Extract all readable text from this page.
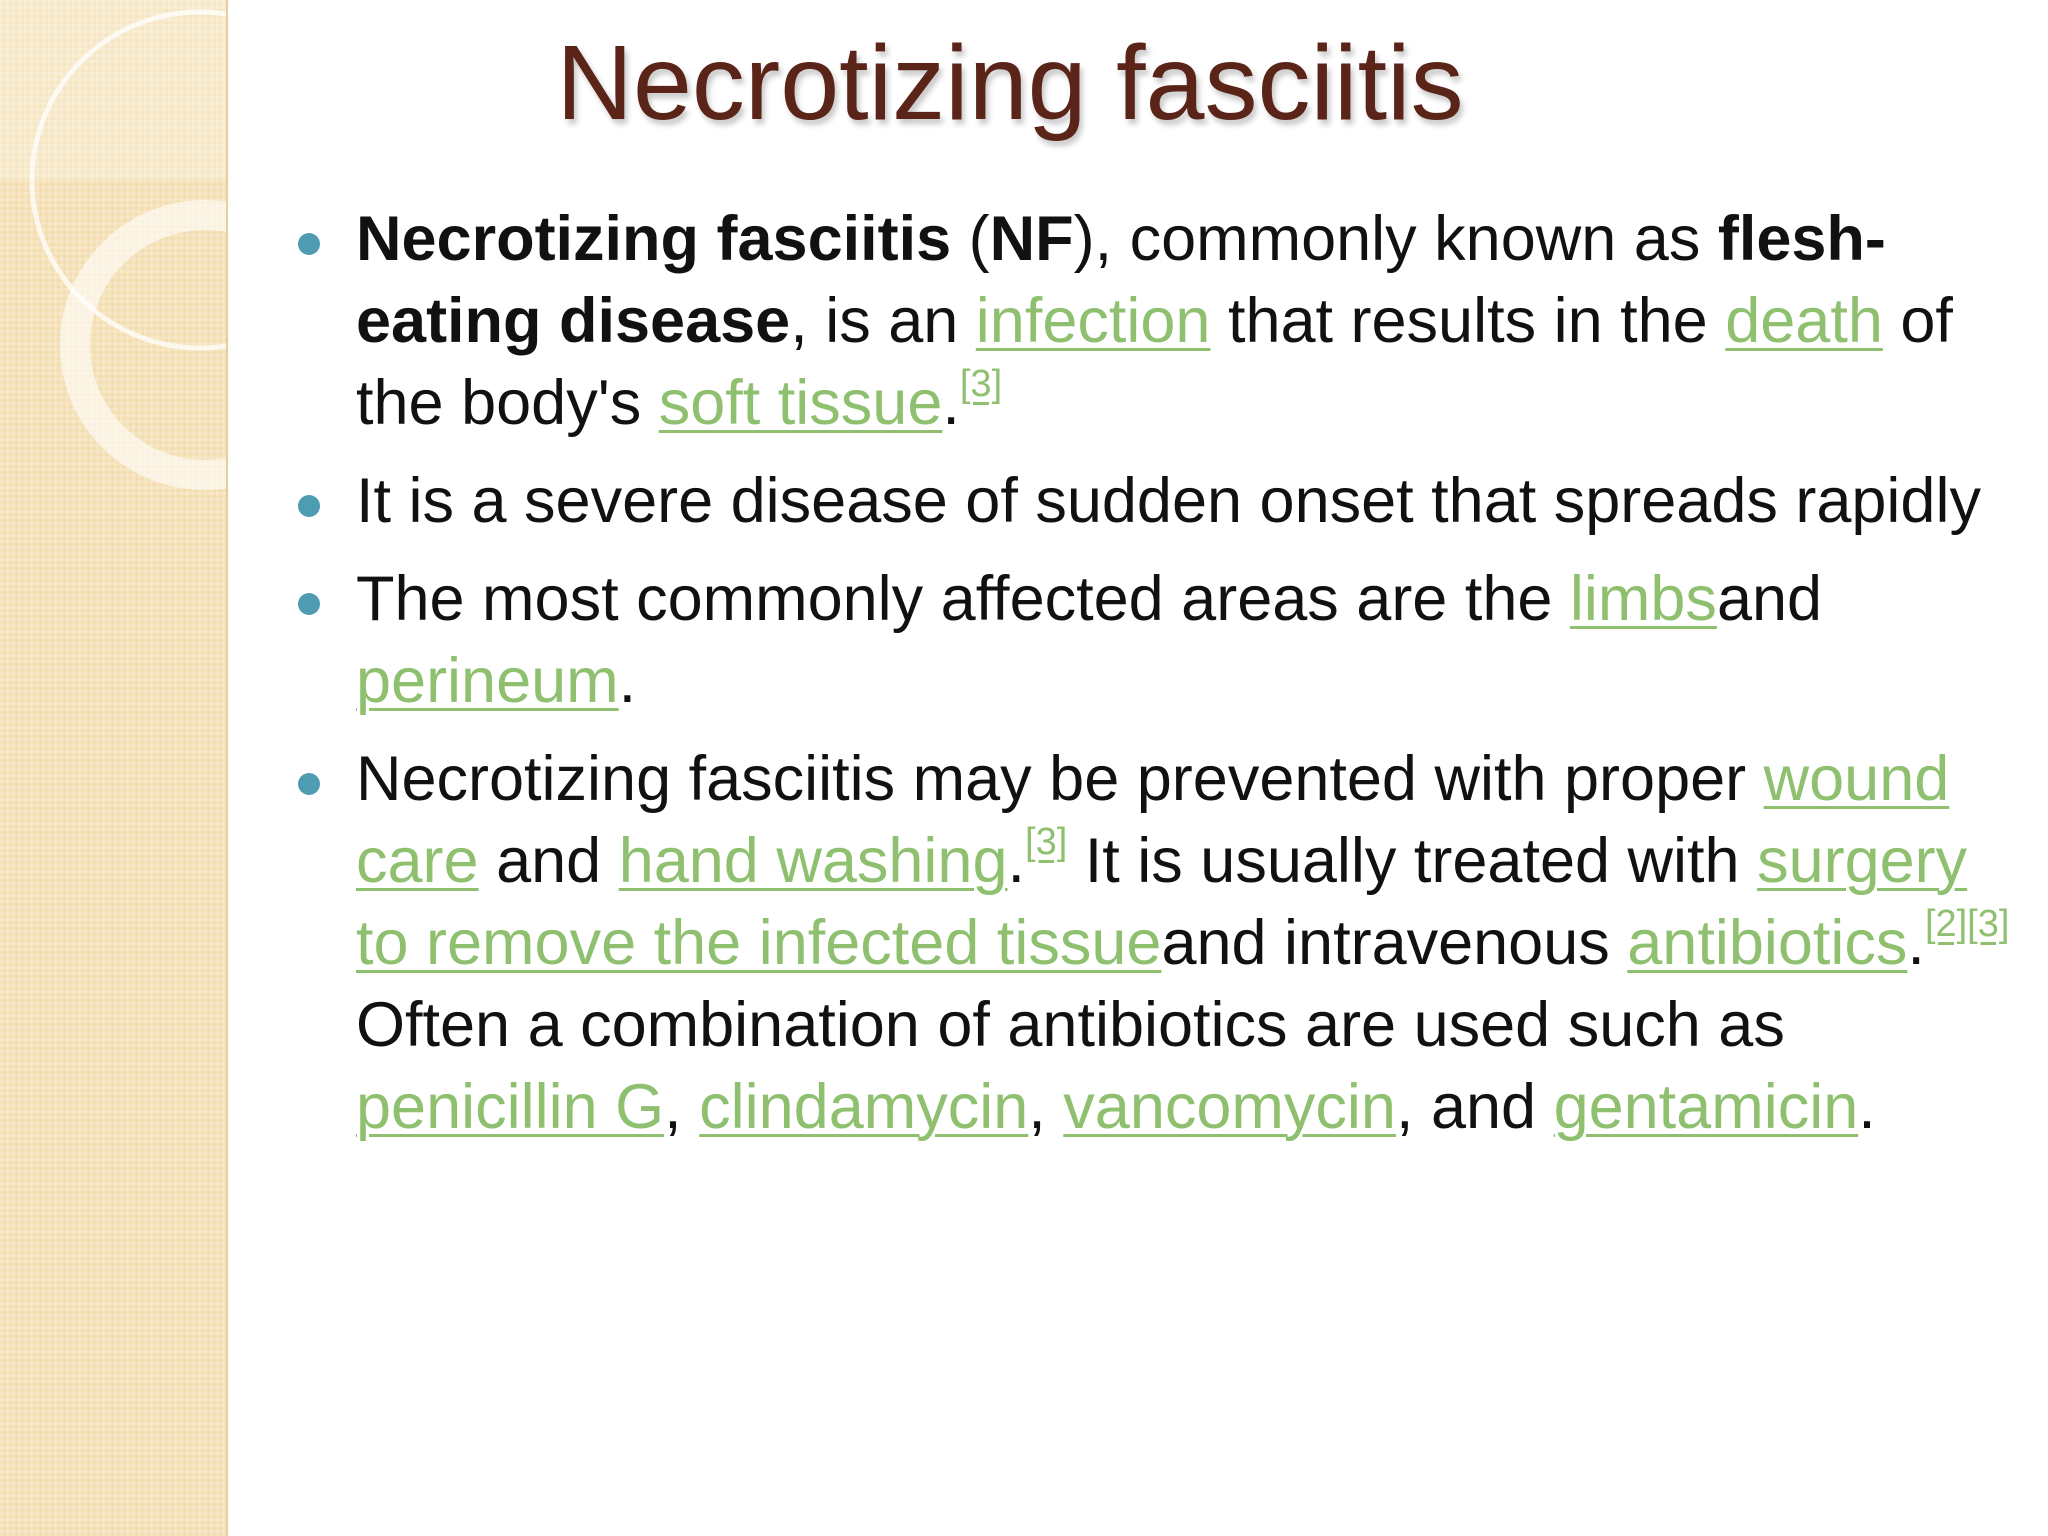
Necrotizing fasciitis
Necrotizing fasciitis (NF), commonly known as flesh-eating disease, is an infection that results in the death of the body's soft tissue.[3]
It is a severe disease of sudden onset that spreads rapidly
The most commonly affected areas are the limbsand perineum.
Necrotizing fasciitis may be prevented with proper wound care and hand washing.[3] It is usually treated with surgery to remove the infected tissueand intravenous antibiotics.[2][3] Often a combination of antibiotics are used such as penicillin G, clindamycin, vancomycin, and gentamicin.
